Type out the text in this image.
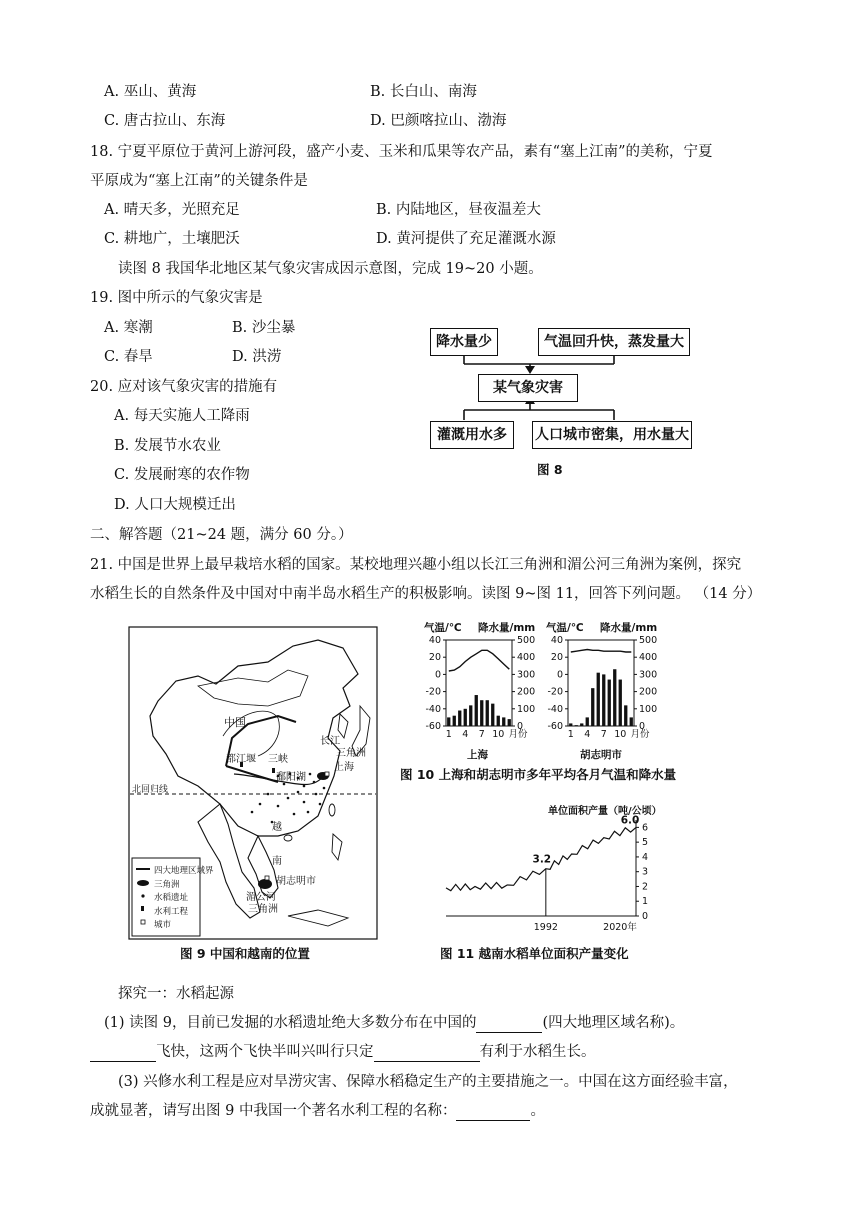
A. 巫山、黄海	B. 长白山、南海
C. 唐古拉山、东海	D. 巴颜喀拉山、渤海
18. 宁夏平原位于黄河上游河段，盛产小麦、玉米和瓜果等农产品，素有“塞上江南”的美称，宁夏
平原成为“塞上江南”的关键条件是
A. 晴天多，光照充足	B. 内陆地区，昼夜温差大
C. 耕地广，土壤肥沃	D. 黄河提供了充足灌溉水源
读图 8 我国华北地区某气象灾害成因示意图，完成 19~20 小题。
19. 图中所示的气象灾害是
A. 寒潮	B. 沙尘暴
C. 春旱	D. 洪涝
20. 应对该气象灾害的措施有
A. 每天实施人工降雨
B. 发展节水农业
C. 发展耐寒的农作物
D. 人口大规模迁出
降水量少	气温回升快，蒸发量大
某气象灾害
灌溉用水多	人口城市密集，用水量大
图 8
二、解答题（21~24 题，满分 60 分。）
21. 中国是世界上最早栽培水稻的国家。某校地理兴趣小组以长江三角洲和湄公河三角洲为案例，探究
水稻生长的自然条件及中国对中南半岛水稻生产的积极影响。读图 9~图 11，回答下列问题。 （14 分）
中国
长江
三角洲
上海
都江堰 三峡
鄱阳湖
北回归线
越
南
胡志明市
湄公河
三角洲
四大地理区域界
三角洲
水稻遗址
水利工程
城市
图 9 中国和越南的位置
气温/℃ 降水量/mm 气温/℃ 降水量/mm
40
20
0
-20
-40
-60
500
400
300
200
100
0
1 4 7 10 月份
40
20
0
-20
-40
-60
500
400
300
200
100
0
1 4 7 10 月份
上海	胡志明市
图 10 上海和胡志明市多年平均各月气温和降水量
单位面积产量（吨/公顷）
0
1
2
3
4
5
6
3.2
6.0
1992	2020年
图 11 越南水稻单位面积产量变化
探究一：水稻起源
(1) 读图 9，目前已发掘的水稻遗址绝大多数分布在中国的	(四大地理区域名称)。
飞快，这两个飞快半叫兴叫行只定	有利于水稻生长。
(3) 兴修水利工程是应对旱涝灾害、保障水稻稳定生产的主要措施之一。中国在这方面经验丰富，
成就显著，请写出图 9 中我国一个著名水利工程的名称：	。
